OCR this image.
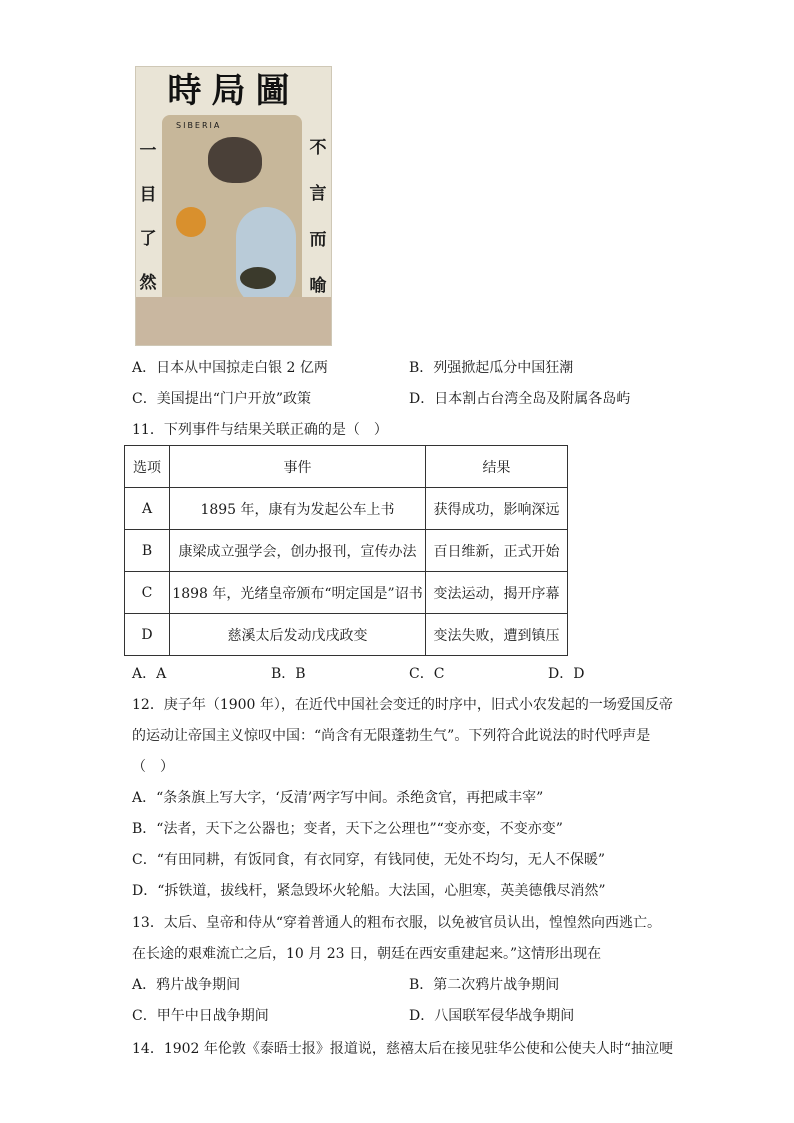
時局圖
SIBERIA
一
目
了
然
不
言
而
喻
A．日本从中国掠走白银 2 亿两	B．列强掀起瓜分中国狂潮
C．美国提出“门户开放”政策	D．日本割占台湾全岛及附属各岛屿
11．下列事件与结果关联正确的是（　）
选项	事件	结果
A	1895 年，康有为发起公车上书	获得成功，影响深远
B	康梁成立强学会，创办报刊，宣传办法	百日维新，正式开始
C	1898 年，光绪皇帝颁布“明定国是”诏书	变法运动，揭开序幕
D	慈溪太后发动戊戌政变	变法失败，遭到镇压
A．A	B．B	C．C	D．D
12．庚子年（1900 年），在近代中国社会变迁的时序中，旧式小农发起的一场爱国反帝
的运动让帝国主义惊叹中国：“尚含有无限蓬勃生气”。下列符合此说法的时代呼声是
（　）
A．“条条旗上写大字，‘反清’两字写中间。杀绝贪官，再把咸丰宰”
B．“法者，天下之公器也；变者，天下之公理也”“变亦变，不变亦变”
C．“有田同耕，有饭同食，有衣同穿，有钱同使，无处不均匀，无人不保暖”
D．“拆铁道，拔线杆，紧急毁坏火轮船。大法国，心胆寒，英美德俄尽消然”
13．太后、皇帝和侍从“穿着普通人的粗布衣服，以免被官员认出，惶惶然向西逃亡。
在长途的艰难流亡之后，10 月 23 日，朝廷在西安重建起来。”这情形出现在
A．鸦片战争期间	B．第二次鸦片战争期间
C．甲午中日战争期间	D．八国联军侵华战争期间
14．1902 年伦敦《泰晤士报》报道说，慈禧太后在接见驻华公使和公使夫人时“抽泣哽
